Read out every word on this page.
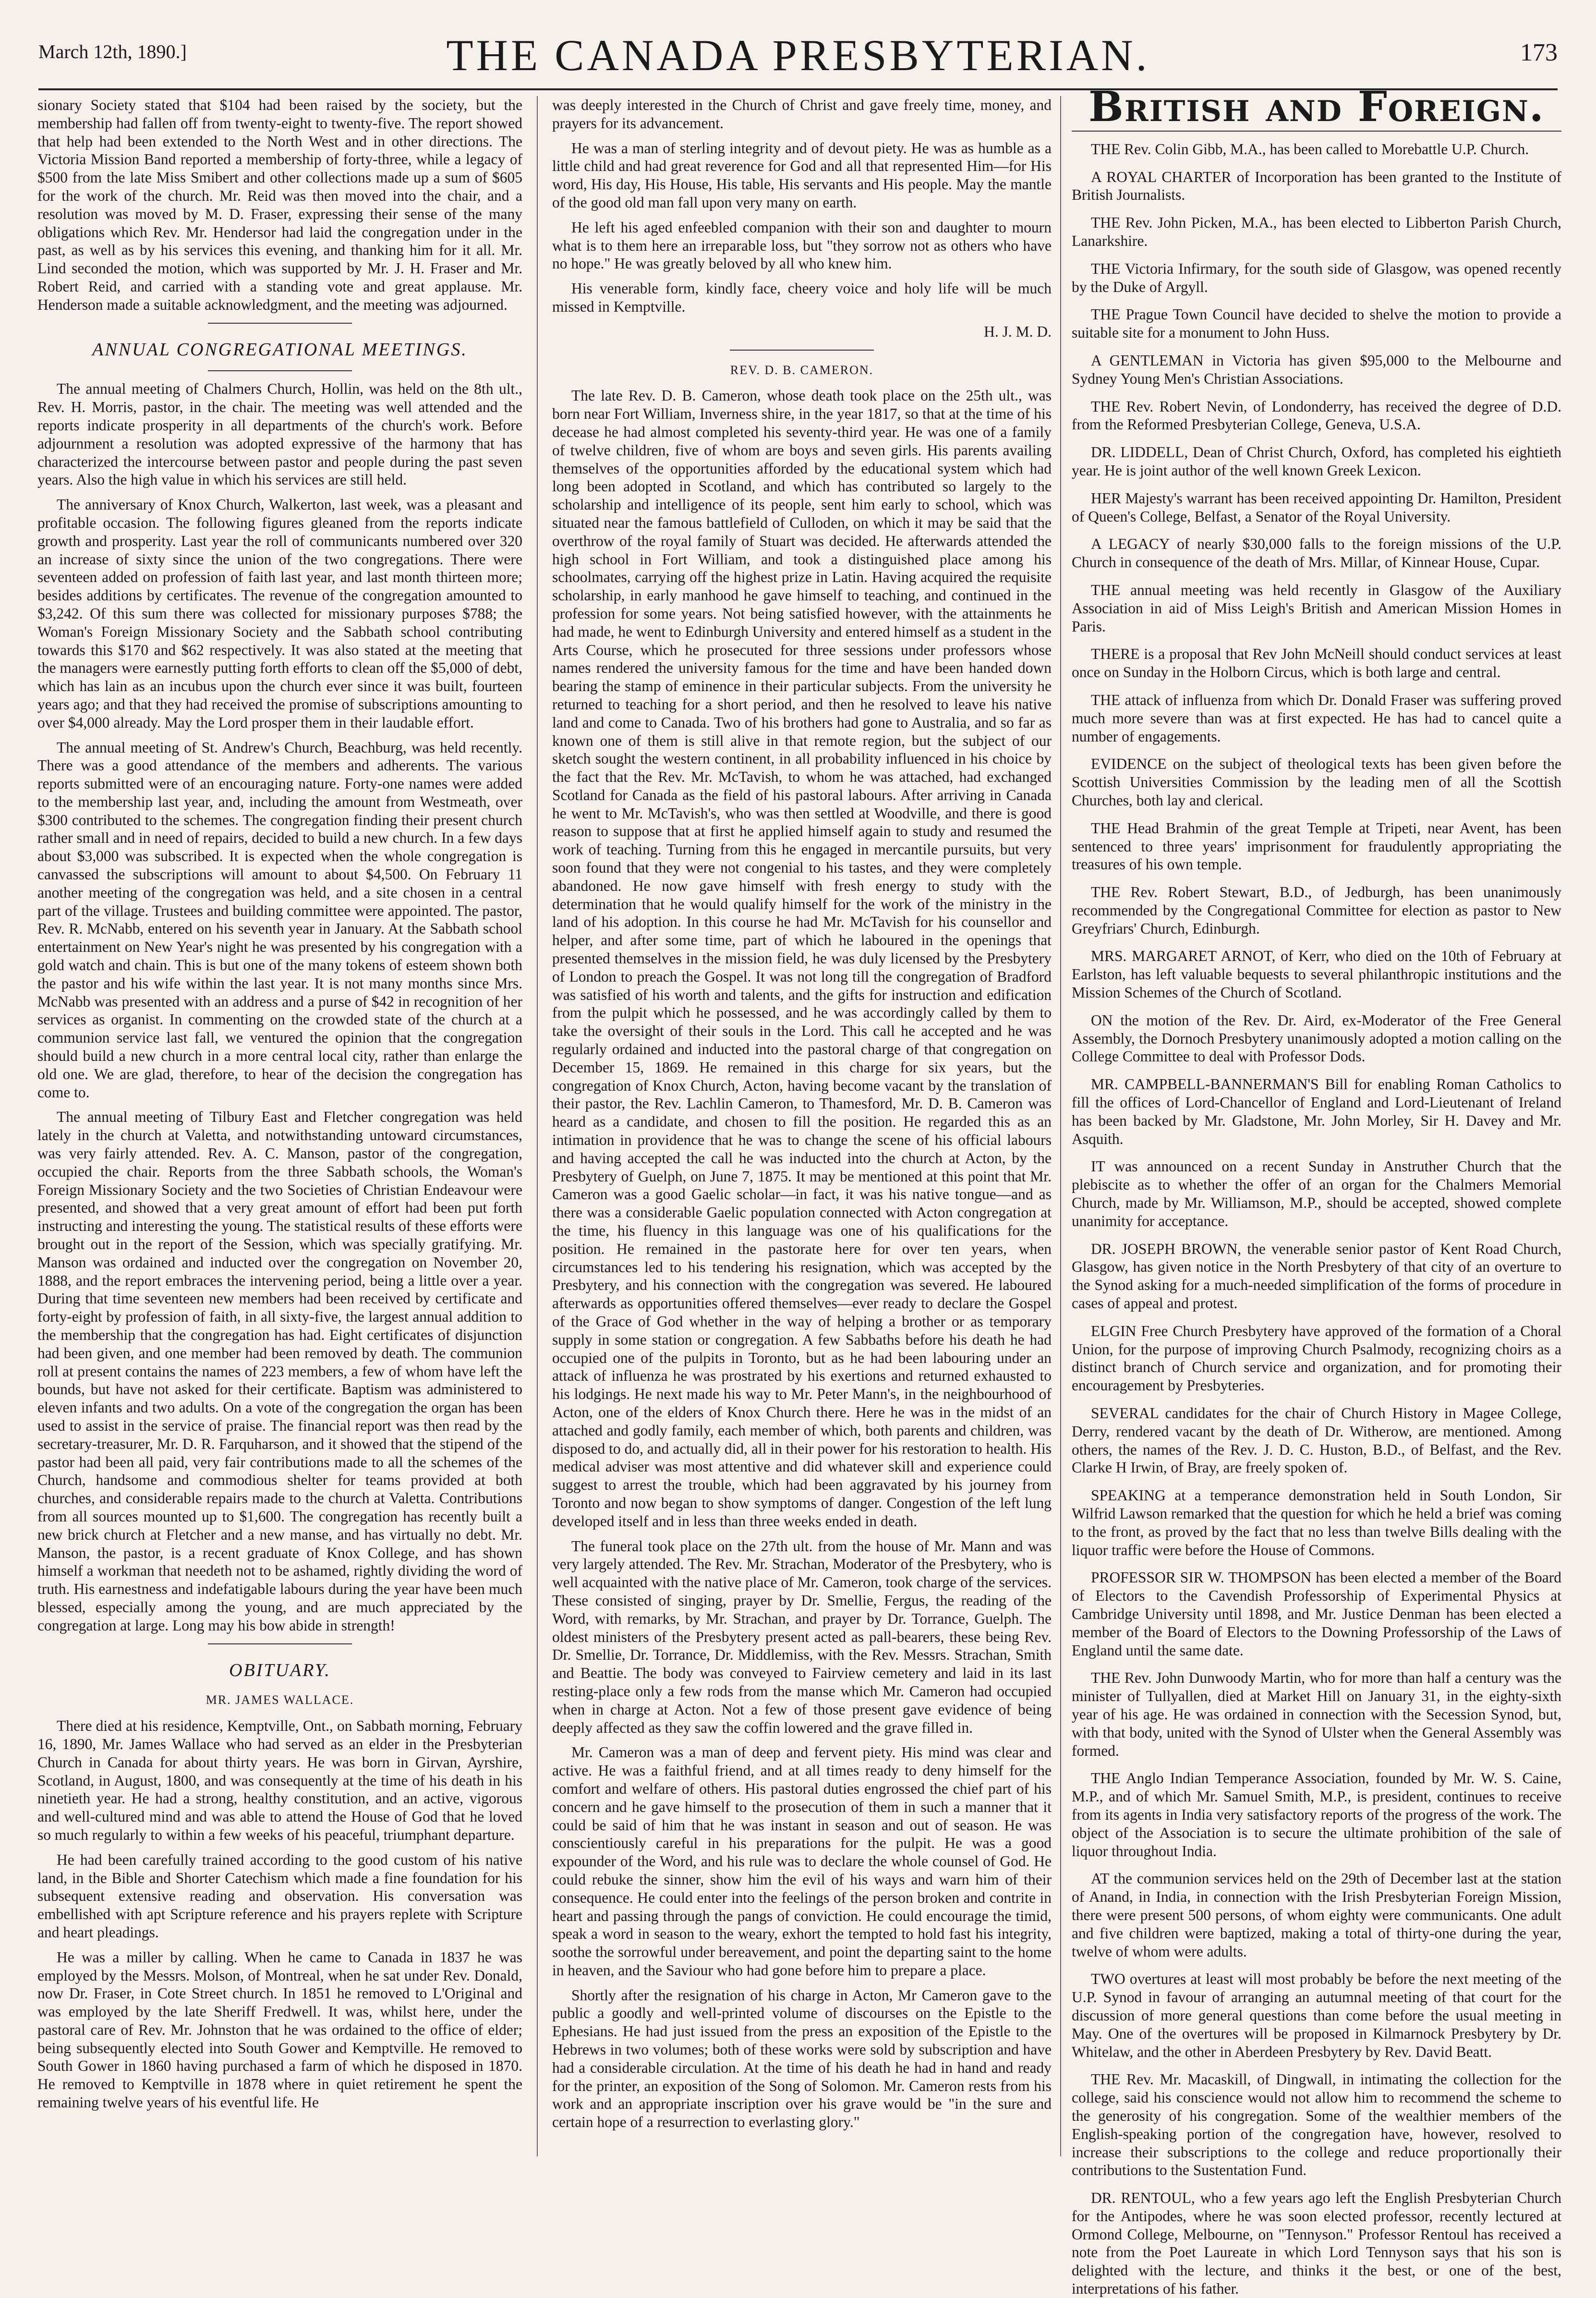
March 12th, 1890.]	THE CANADA PRESBYTERIAN.	173

sionary Society stated that $104 had been raised by the society, but the membership had fallen off from twenty-eight to twenty-five. The report showed that help had been extended to the North West and in other directions. The Victoria Mission Band reported a membership of forty-three, while a legacy of $500 from the late Miss Smibert and other collections made up a sum of $605 for the work of the church. Mr. Reid was then moved into the chair, and a resolution was moved by M. D. Fraser, expressing their sense of the many obligations which Rev. Mr. Hendersor had laid the congregation under in the past, as well as by his services this evening, and thanking him for it all. Mr. Lind seconded the motion, which was supported by Mr. J. H. Fraser and Mr. Robert Reid, and carried with a standing vote and great applause. Mr. Henderson made a suitable acknowledgment, and the meeting was adjourned.

ANNUAL CONGREGATIONAL MEETINGS.

The annual meeting of Chalmers Church, Hollin, was held on the 8th ult., Rev. H. Morris, pastor, in the chair. The meeting was well attended and the reports indicate prosperity in all departments of the church's work. Before adjournment a resolution was adopted expressive of the harmony that has characterized the intercourse between pastor and people during the past seven years. Also the high value in which his services are still held.

The anniversary of Knox Church, Walkerton, last week, was a pleasant and profitable occasion. The following figures gleaned from the reports indicate growth and prosperity. Last year the roll of communicants numbered over 320 an increase of sixty since the union of the two congregations. There were seventeen added on profession of faith last year, and last month thirteen more; besides additions by certificates. The revenue of the congregation amounted to $3,242. Of this sum there was collected for missionary purposes $788; the Woman's Foreign Missionary Society and the Sabbath school contributing towards this $170 and $62 respectively. It was also stated at the meeting that the managers were earnestly putting forth efforts to clean off the $5,000 of debt, which has lain as an incubus upon the church ever since it was built, fourteen years ago; and that they had received the promise of subscriptions amounting to over $4,000 already. May the Lord prosper them in their laudable effort.

The annual meeting of St. Andrew's Church, Beachburg, was held recently. There was a good attendance of the members and adherents. The various reports submitted were of an encouraging nature. Forty-one names were added to the membership last year, and, including the amount from Westmeath, over $300 contributed to the schemes. The congregation finding their present church rather small and in need of repairs, decided to build a new church. In a few days about $3,000 was subscribed. It is expected when the whole congregation is canvassed the subscriptions will amount to about $4,500. On February 11 another meeting of the congregation was held, and a site chosen in a central part of the village. Trustees and building committee were appointed. The pastor, Rev. R. McNabb, entered on his seventh year in January. At the Sabbath school entertainment on New Year's night he was presented by his congregation with a gold watch and chain. This is but one of the many tokens of esteem shown both the pastor and his wife within the last year. It is not many months since Mrs. McNabb was presented with an address and a purse of $42 in recognition of her services as organist. In commenting on the crowded state of the church at a communion service last fall, we ventured the opinion that the congregation should build a new church in a more central local city, rather than enlarge the old one. We are glad, therefore, to hear of the decision the congregation has come to.

The annual meeting of Tilbury East and Fletcher congregation was held lately in the church at Valetta, and notwithstanding untoward circumstances, was very fairly attended. Rev. A. C. Manson, pastor of the congregation, occupied the chair. Reports from the three Sabbath schools, the Woman's Foreign Missionary Society and the two Societies of Christian Endeavour were presented, and showed that a very great amount of effort had been put forth instructing and interesting the young. The statistical results of these efforts were brought out in the report of the Session, which was specially gratifying. Mr. Manson was ordained and inducted over the congregation on November 20, 1888, and the report embraces the intervening period, being a little over a year. During that time seventeen new members had been received by certificate and forty-eight by profession of faith, in all sixty-five, the largest annual addition to the membership that the congregation has had. Eight certificates of disjunction had been given, and one member had been removed by death. The communion roll at present contains the names of 223 members, a few of whom have left the bounds, but have not asked for their certificate. Baptism was administered to eleven infants and two adults. On a vote of the congregation the organ has been used to assist in the service of praise. The financial report was then read by the secretary-treasurer, Mr. D. R. Farquharson, and it showed that the stipend of the pastor had been all paid, very fair contributions made to all the schemes of the Church, handsome and commodious shelter for teams provided at both churches, and considerable repairs made to the church at Valetta. Contributions from all sources mounted up to $1,600. The congregation has recently built a new brick church at Fletcher and a new manse, and has virtually no debt. Mr. Manson, the pastor, is a recent graduate of Knox College, and has shown himself a workman that needeth not to be ashamed, rightly dividing the word of truth. His earnestness and indefatigable labours during the year have been much blessed, especially among the young, and are much appreciated by the congregation at large. Long may his bow abide in strength!

OBITUARY.
MR. JAMES WALLACE.

There died at his residence, Kemptville, Ont., on Sabbath morning, February 16, 1890, Mr. James Wallace who had served as an elder in the Presbyterian Church in Canada for about thirty years. He was born in Girvan, Ayrshire, Scotland, in August, 1800, and was consequently at the time of his death in his ninetieth year. He had a strong, healthy constitution, and an active, vigorous and well-cultured mind and was able to attend the House of God that he loved so much regularly to within a few weeks of his peaceful, triumphant departure.

He had been carefully trained according to the good custom of his native land, in the Bible and Shorter Catechism which made a fine foundation for his subsequent extensive reading and observation. His conversation was embellished with apt Scripture reference and his prayers replete with Scripture and heart pleadings.

He was a miller by calling. When he came to Canada in 1837 he was employed by the Messrs. Molson, of Montreal, when he sat under Rev. Donald, now Dr. Fraser, in Cote Street church. In 1851 he removed to L'Original and was employed by the late Sheriff Fredwell. It was, whilst here, under the pastoral care of Rev. Mr. Johnston that he was ordained to the office of elder; being subsequently elected into South Gower and Kemptville. He removed to South Gower in 1860 having purchased a farm of which he disposed in 1870. He removed to Kemptville in 1878 where in quiet retirement he spent the remaining twelve years of his eventful life. He

was deeply interested in the Church of Christ and gave freely time, money, and prayers for its advancement.

He was a man of sterling integrity and of devout piety. He was as humble as a little child and had great reverence for God and all that represented Him—for His word, His day, His House, His table, His servants and His people. May the mantle of the good old man fall upon very many on earth.

He left his aged enfeebled companion with their son and daughter to mourn what is to them here an irreparable loss, but "they sorrow not as others who have no hope." He was greatly beloved by all who knew him.

His venerable form, kindly face, cheery voice and holy life will be much missed in Kemptville.

H. J. M. D.

REV. D. B. CAMERON.

The late Rev. D. B. Cameron, whose death took place on the 25th ult., was born near Fort William, Inverness shire, in the year 1817, so that at the time of his decease he had almost completed his seventy-third year. He was one of a family of twelve children, five of whom are boys and seven girls. His parents availing themselves of the opportunities afforded by the educational system which had long been adopted in Scotland, and which has contributed so largely to the scholarship and intelligence of its people, sent him early to school, which was situated near the famous battlefield of Culloden, on which it may be said that the overthrow of the royal family of Stuart was decided. He afterwards attended the high school in Fort William, and took a distinguished place among his schoolmates, carrying off the highest prize in Latin. Having acquired the requisite scholarship, in early manhood he gave himself to teaching, and continued in the profession for some years. Not being satisfied however, with the attainments he had made, he went to Edinburgh University and entered himself as a student in the Arts Course, which he prosecuted for three sessions under professors whose names rendered the university famous for the time and have been handed down bearing the stamp of eminence in their particular subjects. From the university he returned to teaching for a short period, and then he resolved to leave his native land and come to Canada. Two of his brothers had gone to Australia, and so far as known one of them is still alive in that remote region, but the subject of our sketch sought the western continent, in all probability influenced in his choice by the fact that the Rev. Mr. McTavish, to whom he was attached, had exchanged Scotland for Canada as the field of his pastoral labours. After arriving in Canada he went to Mr. McTavish's, who was then settled at Woodville, and there is good reason to suppose that at first he applied himself again to study and resumed the work of teaching. Turning from this he engaged in mercantile pursuits, but very soon found that they were not congenial to his tastes, and they were completely abandoned. He now gave himself with fresh energy to study with the determination that he would qualify himself for the work of the ministry in the land of his adoption. In this course he had Mr. McTavish for his counsellor and helper, and after some time, part of which he laboured in the openings that presented themselves in the mission field, he was duly licensed by the Presbytery of London to preach the Gospel. It was not long till the congregation of Bradford was satisfied of his worth and talents, and the gifts for instruction and edification from the pulpit which he possessed, and he was accordingly called by them to take the oversight of their souls in the Lord. This call he accepted and he was regularly ordained and inducted into the pastoral charge of that congregation on December 15, 1869. He remained in this charge for six years, but the congregation of Knox Church, Acton, having become vacant by the translation of their pastor, the Rev. Lachlin Cameron, to Thamesford, Mr. D. B. Cameron was heard as a candidate, and chosen to fill the position. He regarded this as an intimation in providence that he was to change the scene of his official labours and having accepted the call he was inducted into the church at Acton, by the Presbytery of Guelph, on June 7, 1875. It may be mentioned at this point that Mr. Cameron was a good Gaelic scholar—in fact, it was his native tongue—and as there was a considerable Gaelic population connected with Acton congregation at the time, his fluency in this language was one of his qualifications for the position. He remained in the pastorate here for over ten years, when circumstances led to his tendering his resignation, which was accepted by the Presbytery, and his connection with the congregation was severed. He laboured afterwards as opportunities offered themselves—ever ready to declare the Gospel of the Grace of God whether in the way of helping a brother or as temporary supply in some station or congregation. A few Sabbaths before his death he had occupied one of the pulpits in Toronto, but as he had been labouring under an attack of influenza he was prostrated by his exertions and returned exhausted to his lodgings. He next made his way to Mr. Peter Mann's, in the neighbourhood of Acton, one of the elders of Knox Church there. Here he was in the midst of an attached and godly family, each member of which, both parents and children, was disposed to do, and actually did, all in their power for his restoration to health. His medical adviser was most attentive and did whatever skill and experience could suggest to arrest the trouble, which had been aggravated by his journey from Toronto and now began to show symptoms of danger. Congestion of the left lung developed itself and in less than three weeks ended in death.

The funeral took place on the 27th ult. from the house of Mr. Mann and was very largely attended. The Rev. Mr. Strachan, Moderator of the Presbytery, who is well acquainted with the native place of Mr. Cameron, took charge of the services. These consisted of singing, prayer by Dr. Smellie, Fergus, the reading of the Word, with remarks, by Mr. Strachan, and prayer by Dr. Torrance, Guelph. The oldest ministers of the Presbytery present acted as pall-bearers, these being Rev. Dr. Smellie, Dr. Torrance, Dr. Middlemiss, with the Rev. Messrs. Strachan, Smith and Beattie. The body was conveyed to Fairview cemetery and laid in its last resting-place only a few rods from the manse which Mr. Cameron had occupied when in charge at Acton. Not a few of those present gave evidence of being deeply affected as they saw the coffin lowered and the grave filled in.

Mr. Cameron was a man of deep and fervent piety. His mind was clear and active. He was a faithful friend, and at all times ready to deny himself for the comfort and welfare of others. His pastoral duties engrossed the chief part of his concern and he gave himself to the prosecution of them in such a manner that it could be said of him that he was instant in season and out of season. He was conscientiously careful in his preparations for the pulpit. He was a good expounder of the Word, and his rule was to declare the whole counsel of God. He could rebuke the sinner, show him the evil of his ways and warn him of their consequence. He could enter into the feelings of the person broken and contrite in heart and passing through the pangs of conviction. He could encourage the timid, speak a word in season to the weary, exhort the tempted to hold fast his integrity, soothe the sorrowful under bereavement, and point the departing saint to the home in heaven, and the Saviour who had gone before him to prepare a place.

Shortly after the resignation of his charge in Acton, Mr Cameron gave to the public a goodly and well-printed volume of discourses on the Epistle to the Ephesians. He had just issued from the press an exposition of the Epistle to the Hebrews in two volumes; both of these works were sold by subscription and have had a considerable circulation. At the time of his death he had in hand and ready for the printer, an exposition of the Song of Solomon. Mr. Cameron rests from his work and an appropriate inscription over his grave would be "in the sure and certain hope of a resurrection to everlasting glory."

British and Foreign.

THE Rev. Colin Gibb, M.A., has been called to Morebattle U.P. Church.

A ROYAL CHARTER of Incorporation has been granted to the Institute of British Journalists.

THE Rev. John Picken, M.A., has been elected to Libberton Parish Church, Lanarkshire.

THE Victoria Infirmary, for the south side of Glasgow, was opened recently by the Duke of Argyll.

THE Prague Town Council have decided to shelve the motion to provide a suitable site for a monument to John Huss.

A GENTLEMAN in Victoria has given $95,000 to the Melbourne and Sydney Young Men's Christian Associations.

THE Rev. Robert Nevin, of Londonderry, has received the degree of D.D. from the Reformed Presbyterian College, Geneva, U.S.A.

DR. LIDDELL, Dean of Christ Church, Oxford, has completed his eightieth year. He is joint author of the well known Greek Lexicon.

HER Majesty's warrant has been received appointing Dr. Hamilton, President of Queen's College, Belfast, a Senator of the Royal University.

A LEGACY of nearly $30,000 falls to the foreign missions of the U.P. Church in consequence of the death of Mrs. Millar, of Kinnear House, Cupar.

THE annual meeting was held recently in Glasgow of the Auxiliary Association in aid of Miss Leigh's British and American Mission Homes in Paris.

THERE is a proposal that Rev John McNeill should conduct services at least once on Sunday in the Holborn Circus, which is both large and central.

THE attack of influenza from which Dr. Donald Fraser was suffering proved much more severe than was at first expected. He has had to cancel quite a number of engagements.

EVIDENCE on the subject of theological texts has been given before the Scottish Universities Commission by the leading men of all the Scottish Churches, both lay and clerical.

THE Head Brahmin of the great Temple at Tripeti, near Avent, has been sentenced to three years' imprisonment for fraudulently appropriating the treasures of his own temple.

THE Rev. Robert Stewart, B.D., of Jedburgh, has been unanimously recommended by the Congregational Committee for election as pastor to New Greyfriars' Church, Edinburgh.

MRS. MARGARET ARNOT, of Kerr, who died on the 10th of February at Earlston, has left valuable bequests to several philanthropic institutions and the Mission Schemes of the Church of Scotland.

ON the motion of the Rev. Dr. Aird, ex-Moderator of the Free General Assembly, the Dornoch Presbytery unanimously adopted a motion calling on the College Committee to deal with Professor Dods.

MR. CAMPBELL-BANNERMAN'S Bill for enabling Roman Catholics to fill the offices of Lord-Chancellor of England and Lord-Lieutenant of Ireland has been backed by Mr. Gladstone, Mr. John Morley, Sir H. Davey and Mr. Asquith.

IT was announced on a recent Sunday in Anstruther Church that the plebiscite as to whether the offer of an organ for the Chalmers Memorial Church, made by Mr. Williamson, M.P., should be accepted, showed complete unanimity for acceptance.

DR. JOSEPH BROWN, the venerable senior pastor of Kent Road Church, Glasgow, has given notice in the North Presbytery of that city of an overture to the Synod asking for a much-needed simplification of the forms of procedure in cases of appeal and protest.

ELGIN Free Church Presbytery have approved of the formation of a Choral Union, for the purpose of improving Church Psalmody, recognizing choirs as a distinct branch of Church service and organization, and for promoting their encouragement by Presbyteries.

SEVERAL candidates for the chair of Church History in Magee College, Derry, rendered vacant by the death of Dr. Witherow, are mentioned. Among others, the names of the Rev. J. D. C. Huston, B.D., of Belfast, and the Rev. Clarke H Irwin, of Bray, are freely spoken of.

SPEAKING at a temperance demonstration held in South London, Sir Wilfrid Lawson remarked that the question for which he held a brief was coming to the front, as proved by the fact that no less than twelve Bills dealing with the liquor traffic were before the House of Commons.

PROFESSOR SIR W. THOMPSON has been elected a member of the Board of Electors to the Cavendish Professorship of Experimental Physics at Cambridge University until 1898, and Mr. Justice Denman has been elected a member of the Board of Electors to the Downing Professorship of the Laws of England until the same date.

THE Rev. John Dunwoody Martin, who for more than half a century was the minister of Tullyallen, died at Market Hill on January 31, in the eighty-sixth year of his age. He was ordained in connection with the Secession Synod, but, with that body, united with the Synod of Ulster when the General Assembly was formed.

THE Anglo Indian Temperance Association, founded by Mr. W. S. Caine, M.P., and of which Mr. Samuel Smith, M.P., is president, continues to receive from its agents in India very satisfactory reports of the progress of the work. The object of the Association is to secure the ultimate prohibition of the sale of liquor throughout India.

AT the communion services held on the 29th of December last at the station of Anand, in India, in connection with the Irish Presbyterian Foreign Mission, there were present 500 persons, of whom eighty were communicants. One adult and five children were baptized, making a total of thirty-one during the year, twelve of whom were adults.

TWO overtures at least will most probably be before the next meeting of the U.P. Synod in favour of arranging an autumnal meeting of that court for the discussion of more general questions than come before the usual meeting in May. One of the overtures will be proposed in Kilmarnock Presbytery by Dr. Whitelaw, and the other in Aberdeen Presbytery by Rev. David Beatt.

THE Rev. Mr. Macaskill, of Dingwall, in intimating the collection for the college, said his conscience would not allow him to recommend the scheme to the generosity of his congregation. Some of the wealthier members of the English-speaking portion of the congregation have, however, resolved to increase their subscriptions to the college and reduce proportionally their contributions to the Sustentation Fund.

DR. RENTOUL, who a few years ago left the English Presbyterian Church for the Antipodes, where he was soon elected professor, recently lectured at Ormond College, Melbourne, on "Tennyson." Professor Rentoul has received a note from the Poet Laureate in which Lord Tennyson says that his son is delighted with the lecture, and thinks it the best, or one of the best, interpretations of his father.
